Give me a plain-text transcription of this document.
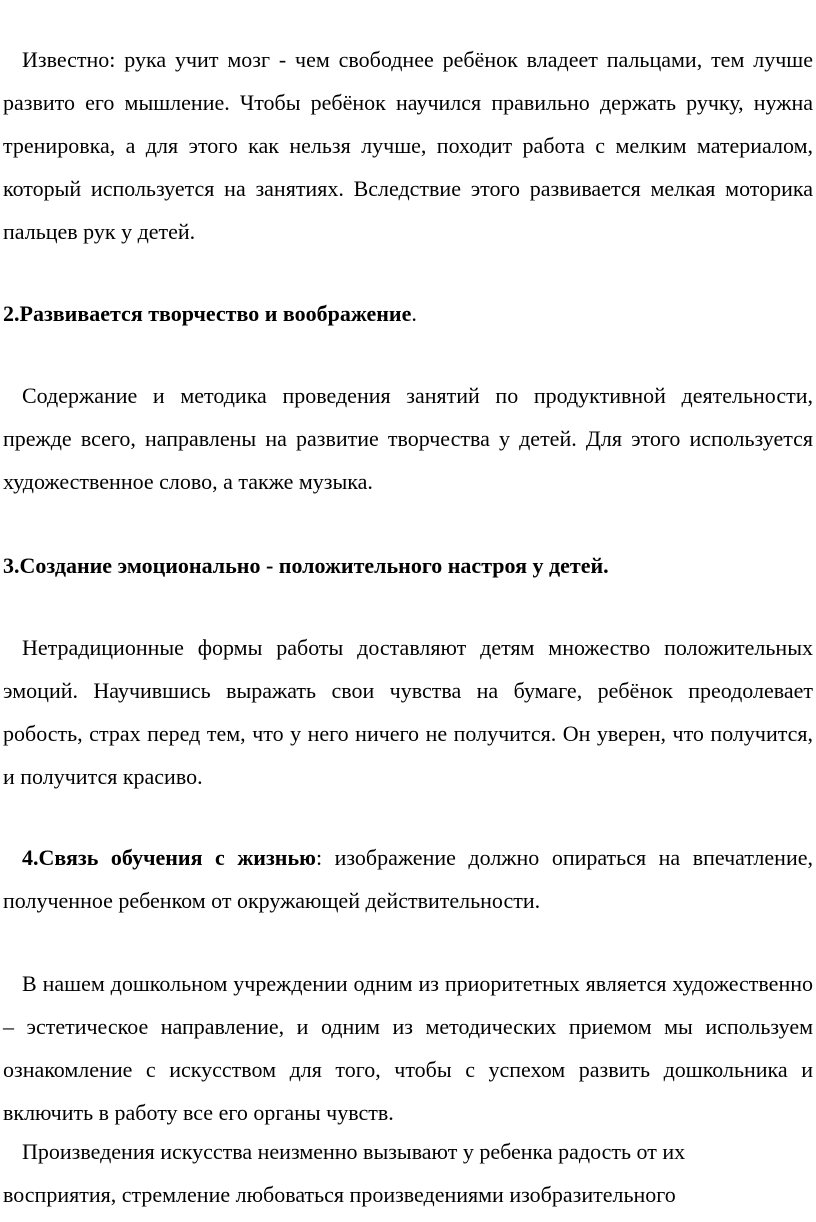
Известно: рука учит мозг - чем свободнее ребёнок владеет пальцами, тем лучше развито его мышление. Чтобы ребёнок научился правильно держать ручку, нужна тренировка, а для этого как нельзя лучше, походит работа с мелким материалом, который используется на занятиях. Вследствие этого развивается мелкая моторика пальцев рук у детей.

2.Развивается творчество и воображение.

Содержание и методика проведения занятий по продуктивной деятельности, прежде всего, направлены на развитие творчества у детей. Для этого используется художественное слово, а также музыка.

3.Создание эмоционально - положительного настроя у детей.

Нетрадиционные формы работы доставляют детям множество положительных эмоций. Научившись выражать свои чувства на бумаге, ребёнок преодолевает робость, страх перед тем, что у него ничего не получится. Он уверен, что получится, и получится красиво.

4.Связь обучения с жизнью: изображение должно опираться на впечатление, полученное ребенком от окружающей действительности.

В нашем дошкольном учреждении одним из приоритетных является художественно – эстетическое направление, и одним из методических приемом мы используем ознакомление с искусством для того, чтобы с успехом развить дошкольника и включить в работу все его органы чувств.

Произведения искусства неизменно вызывают у ребенка радость от их восприятия, стремление любоваться произведениями изобразительного
